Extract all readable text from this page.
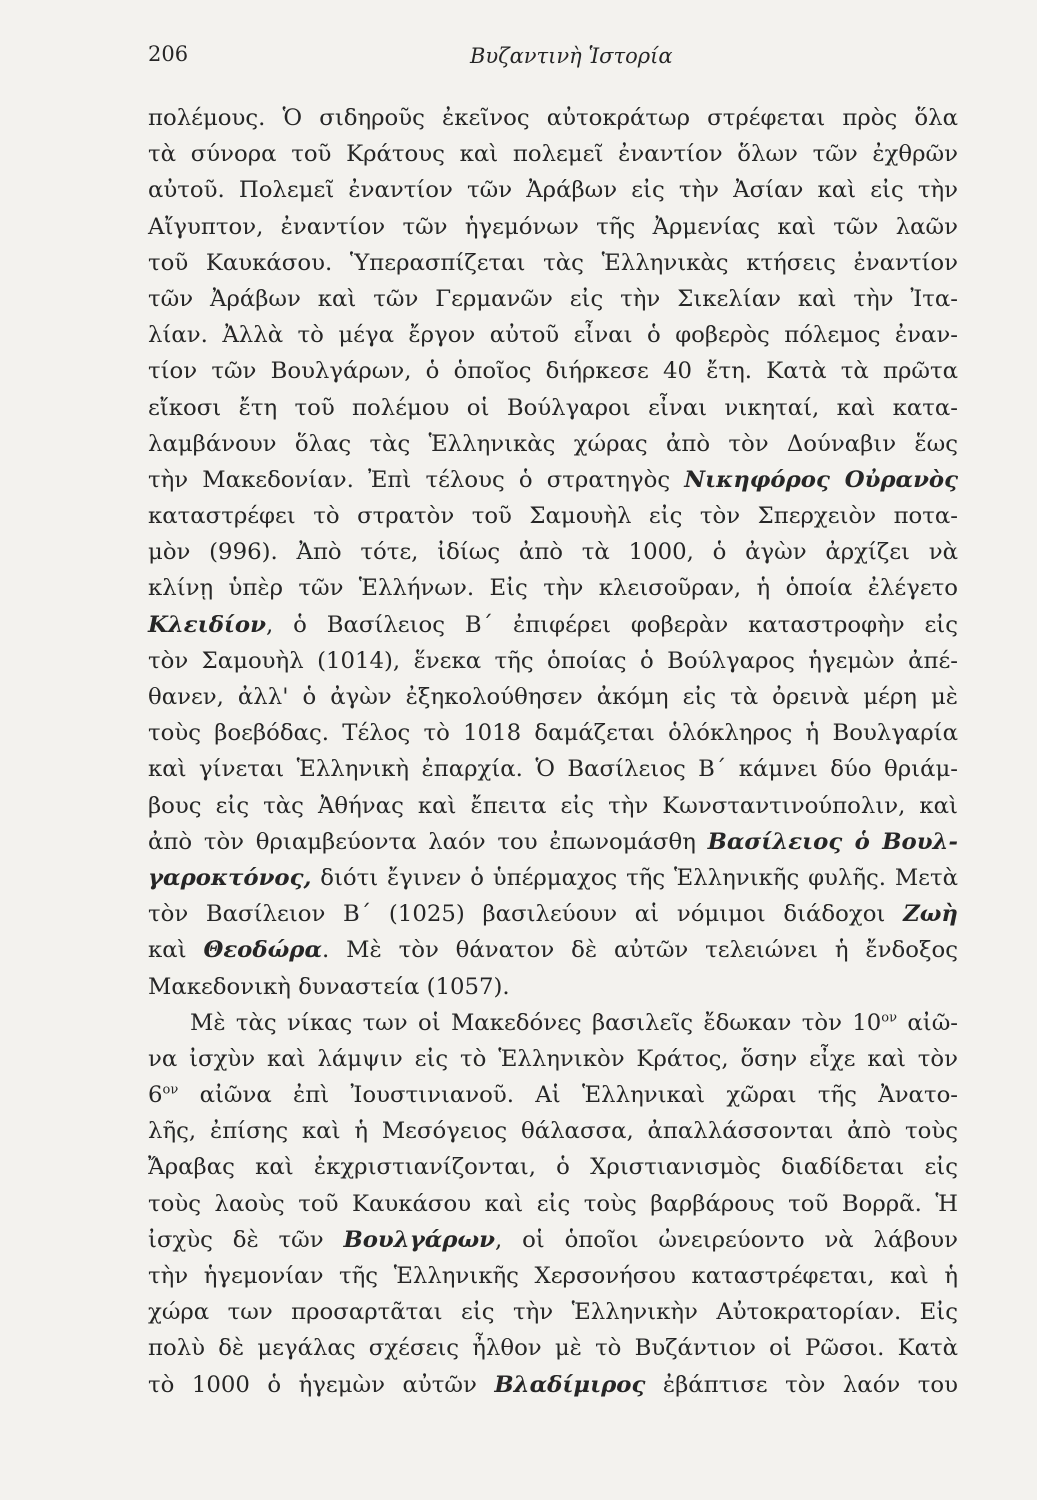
206	Βυζαντινὴ Ἱστορία
πολέμους. Ὁ σιδηροῦς ἐκεῖνος αὐτοκράτωρ στρέφεται πρὸς ὅλα
τὰ σύνορα τοῦ Κράτους καὶ πολεμεῖ ἐναντίον ὅλων τῶν ἐχθρῶν
αὐτοῦ. Πολεμεῖ ἐναντίον τῶν Ἀράβων εἰς τὴν Ἀσίαν καὶ εἰς τὴν
Αἴγυπτον, ἐναντίον τῶν ἡγεμόνων τῆς Ἀρμενίας καὶ τῶν λαῶν
τοῦ Καυκάσου. Ὑπερασπίζεται τὰς Ἑλληνικὰς κτήσεις ἐναντίον
τῶν Ἀράβων καὶ τῶν Γερμανῶν εἰς τὴν Σικελίαν καὶ τὴν Ἰτα-
λίαν. Ἀλλὰ τὸ μέγα ἔργον αὐτοῦ εἶναι ὁ φοβερὸς πόλεμος ἐναν-
τίον τῶν Βουλγάρων, ὁ ὁποῖος διήρκεσε 40 ἔτη. Κατὰ τὰ πρῶτα
εἴκοσι ἔτη τοῦ πολέμου οἱ Βούλγαροι εἶναι νικηταί, καὶ κατα-
λαμβάνουν ὅλας τὰς Ἑλληνικὰς χώρας ἀπὸ τὸν Δούναβιν ἕως
τὴν Μακεδονίαν. Ἐπὶ τέλους ὁ στρατηγὸς Νικηφόρος Οὐρανὸς
καταστρέφει τὸ στρατὸν τοῦ Σαμουὴλ εἰς τὸν Σπερχειὸν ποτα-
μὸν (996). Ἀπὸ τότε, ἰδίως ἀπὸ τὰ 1000, ὁ ἀγὼν ἀρχίζει νὰ
κλίνῃ ὑπὲρ τῶν Ἑλλήνων. Εἰς τὴν κλεισοῦραν, ἡ ὁποία ἐλέγετο
Κλειδίον, ὁ Βασίλειος Β΄ ἐπιφέρει φοβερὰν καταστροφὴν εἰς
τὸν Σαμουὴλ (1014), ἕνεκα τῆς ὁποίας ὁ Βούλγαρος ἡγεμὼν ἀπέ-
θανεν, ἀλλ' ὁ ἀγὼν ἐξηκολούθησεν ἀκόμη εἰς τὰ ὀρεινὰ μέρη μὲ
τοὺς βοεβόδας. Τέλος τὸ 1018 δαμάζεται ὁλόκληρος ἡ Βουλγαρία
καὶ γίνεται Ἑλληνικὴ ἐπαρχία. Ὁ Βασίλειος Β΄ κάμνει δύο θριάμ-
βους εἰς τὰς Ἀθήνας καὶ ἔπειτα εἰς τὴν Κωνσταντινούπολιν, καὶ
ἀπὸ τὸν θριαμβεύοντα λαόν του ἐπωνομάσθη Βασίλειος ὁ Βουλ-
γαροκτόνος, διότι ἔγινεν ὁ ὑπέρμαχος τῆς Ἑλληνικῆς φυλῆς. Μετὰ
τὸν Βασίλειον Β΄ (1025) βασιλεύουν αἱ νόμιμοι διάδοχοι Ζωὴ
καὶ Θεοδώρα. Μὲ τὸν θάνατον δὲ αὐτῶν τελειώνει ἡ ἔνδοξος
Μακεδονικὴ δυναστεία (1057).
Μὲ τὰς νίκας των οἱ Μακεδόνες βασιλεῖς ἔδωκαν τὸν $10^{o\nu}$ αἰῶ-
να ἰσχὺν καὶ λάμψιν εἰς τὸ Ἑλληνικὸν Κράτος, ὅσην εἶχε καὶ τὸν
$6^{o\nu}$ αἰῶνα ἐπὶ Ἰουστινιανοῦ. Αἱ Ἑλληνικαὶ χῶραι τῆς Ἀνατο-
λῆς, ἐπίσης καὶ ἡ Μεσόγειος θάλασσα, ἀπαλλάσσονται ἀπὸ τοὺς
Ἄραβας καὶ ἐκχριστιανίζονται, ὁ Χριστιανισμὸς διαδίδεται εἰς
τοὺς λαοὺς τοῦ Καυκάσου καὶ εἰς τοὺς βαρβάρους τοῦ Βορρᾶ. Ἡ
ἰσχὺς δὲ τῶν Βουλγάρων, οἱ ὁποῖοι ὠνειρεύοντο νὰ λάβουν
τὴν ἡγεμονίαν τῆς Ἑλληνικῆς Χερσονήσου καταστρέφεται, καὶ ἡ
χώρα των προσαρτᾶται εἰς τὴν Ἑλληνικὴν Αὐτοκρατορίαν. Εἰς
πολὺ δὲ μεγάλας σχέσεις ἦλθον μὲ τὸ Βυζάντιον οἱ Ρῶσοι. Κατὰ
τὸ 1000 ὁ ἡγεμὼν αὐτῶν Βλαδίμιρος ἐβάπτισε τὸν λαόν του
